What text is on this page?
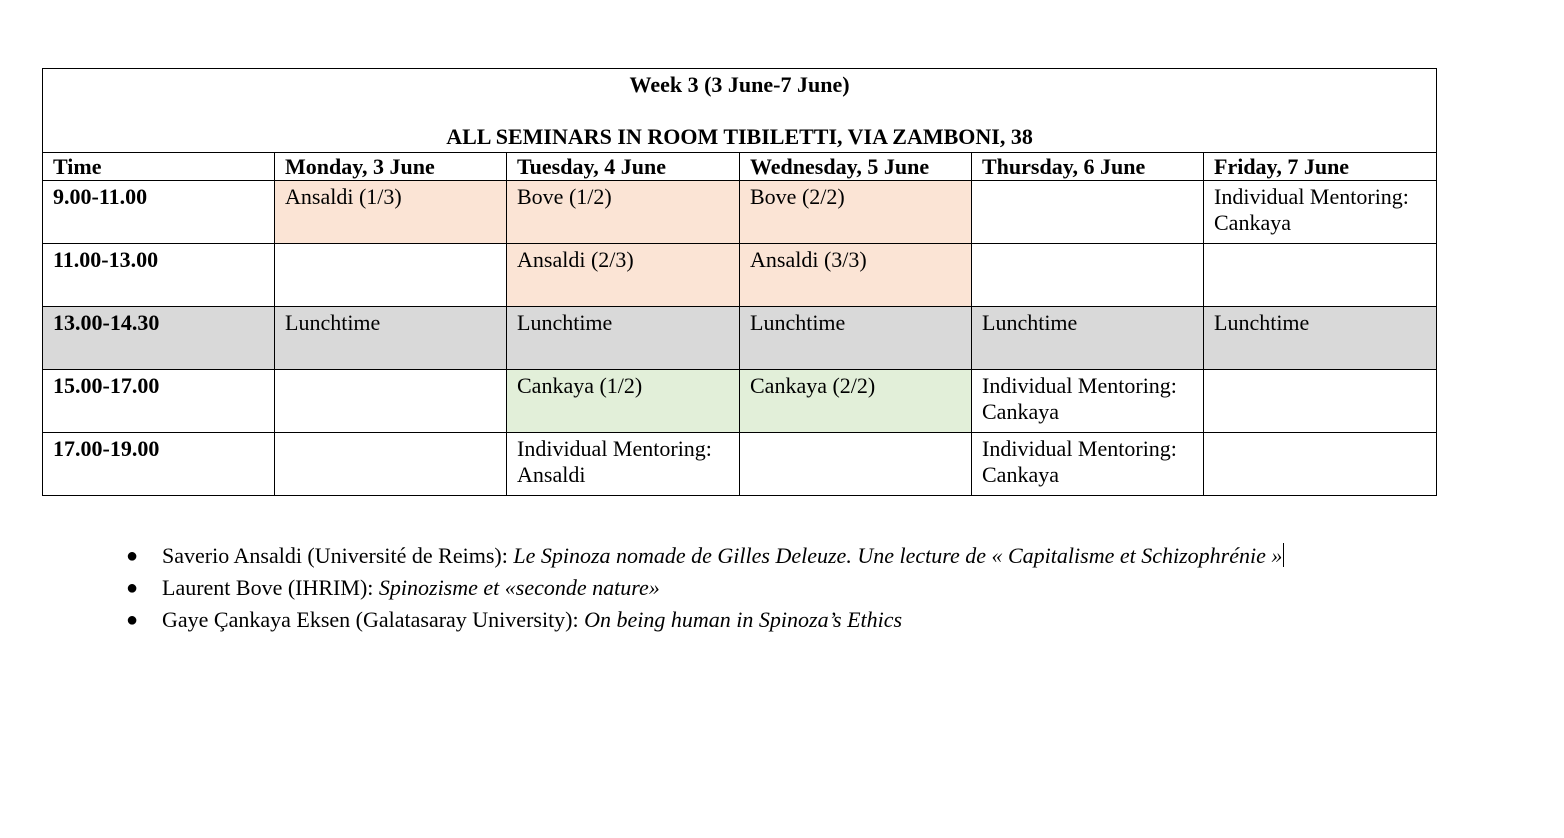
Week 3 (3 June-7 June)
ALL SEMINARS IN ROOM TIBILETTI, VIA ZAMBONI, 38					

Time	Monday, 3 June	Tuesday, 4 June	Wednesday, 5 June	Thursday, 6 June	Friday, 7 June
9.00-11.00	Ansaldi (1/3)	Bove (1/2)	Bove (2/2)		Individual Mentoring: Cankaya
11.00-13.00		Ansaldi (2/3)	Ansaldi (3/3)		
13.00-14.30	Lunchtime	Lunchtime	Lunchtime	Lunchtime	Lunchtime
15.00-17.00		Cankaya (1/2)	Cankaya (2/2)	Individual Mentoring: Cankaya	
17.00-19.00		Individual Mentoring: Ansaldi		Individual Mentoring: Cankaya	
● Saverio Ansaldi (Université de Reims): Le Spinoza nomade de Gilles Deleuze. Une lecture de « Capitalisme et Schizophrénie »
● Laurent Bove (IHRIM): Spinozisme et «seconde nature»
● Gaye Çankaya Eksen (Galatasaray University): On being human in Spinoza’s Ethics
